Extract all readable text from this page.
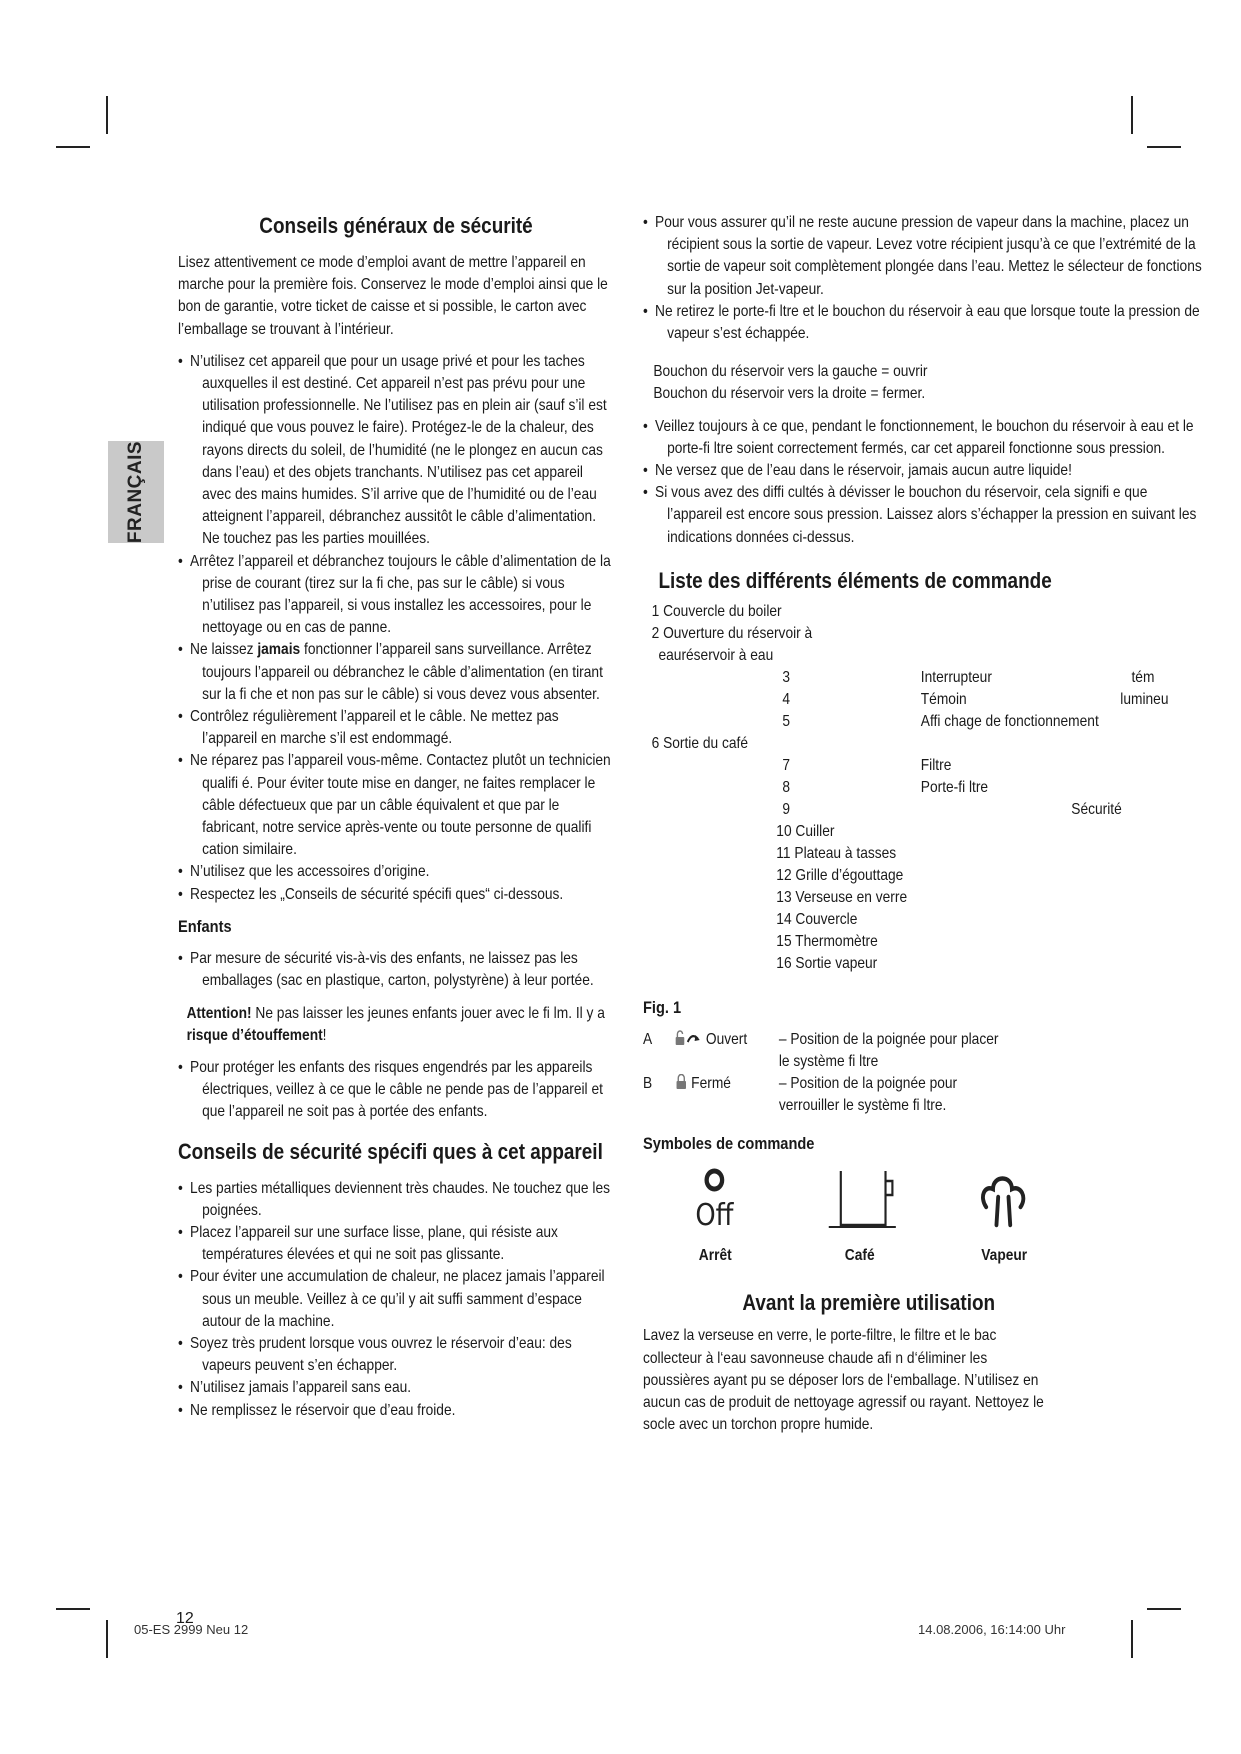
FRANÇAIS
Conseils généraux de sécurité

Lisez attentivement ce mode d’emploi avant de mettre l’appareil en marche pour la première fois. Conservez le mode d’emploi ainsi que le bon de garantie, votre ticket de caisse et si possible, le carton avec l’emballage se trouvant à l’intérieur.

• N’utilisez cet appareil que pour un usage privé et pour les taches auxquelles il est destiné. Cet appareil n’est pas prévu pour une utilisation professionnelle. Ne l’utilisez pas en plein air (sauf s’il est indiqué que vous pouvez le faire). Protégez-le de la chaleur, des rayons directs du soleil, de l’humidité (ne le plongez en aucun cas dans l’eau) et des objets tranchants. N’utilisez pas cet appareil avec des mains humides. S’il arrive que de l’humidité ou de l’eau atteignent l’appareil, débranchez aussitôt le câble d’alimentation. Ne touchez pas les parties mouillées.
• Arrêtez l’appareil et débranchez toujours le câble d’alimentation de la prise de courant (tirez sur la fi che, pas sur le câble) si vous n’utilisez pas l’appareil, si vous installez les accessoires, pour le nettoyage ou en cas de panne.
• Ne laissez jamais fonctionner l’appareil sans surveillance. Arrêtez toujours l’appareil ou débranchez le câble d’alimentation (en tirant sur la fi che et non pas sur le câble) si vous devez vous absenter.
• Contrôlez régulièrement l’appareil et le câble. Ne mettez pas l’appareil en marche s’il est endommagé.
• Ne réparez pas l’appareil vous-même. Contactez plutôt un technicien qualifi é. Pour éviter toute mise en danger, ne faites remplacer le câble défectueux que par un câble équivalent et que par le fabricant, notre service après-vente ou toute personne de qualifi cation similaire.
• N’utilisez que les accessoires d’origine.
• Respectez les „Conseils de sécurité spécifi ques“ ci-dessous.
Enfants
• Par mesure de sécurité vis-à-vis des enfants, ne laissez pas les emballages (sac en plastique, carton, polystyrène) à leur portée.

Attention! Ne pas laisser les jeunes enfants jouer avec le fi lm. Il y a risque d’étouffement!

• Pour protéger les enfants des risques engendrés par les appareils électriques, veillez à ce que le câble ne pende pas de l’appareil et que l’appareil ne soit pas à portée des enfants.
Conseils de sécurité spécifi ques à cet appareil
• Les parties métalliques deviennent très chaudes. Ne touchez que les poignées.
• Placez l’appareil sur une surface lisse, plane, qui résiste aux températures élevées et qui ne soit pas glissante.
• Pour éviter une accumulation de chaleur, ne placez jamais l’appareil sous un meuble. Veillez à ce qu’il y ait suffi samment d’espace autour de la machine.
• Soyez très prudent lorsque vous ouvrez le réservoir d’eau: des vapeurs peuvent s’en échapper.
• N’utilisez jamais l’appareil sans eau.
• Ne remplissez le réservoir que d’eau froide.
• Pour vous assurer qu’il ne reste aucune pression de vapeur dans la machine, placez un récipient sous la sortie de vapeur. Levez votre récipient jusqu’à ce que l’extrémité de la sortie de vapeur soit complètement plongée dans l’eau. Mettez le sélecteur de fonctions sur la position Jet-vapeur.
• Ne retirez le porte-fi ltre et le bouchon du réservoir à eau que lorsque toute la pression de vapeur s’est échappée.

Bouchon du réservoir vers la gauche = ouvrir
Bouchon du réservoir vers la droite = fermer.

• Veillez toujours à ce que, pendant le fonctionnement, le bouchon du réservoir à eau et le porte-fi ltre soient correctement fermés, car cet appareil fonctionne sous pression.
• Ne versez que de l’eau dans le réservoir, jamais aucun autre liquide!
• Si vous avez des diffi cultés à dévisser le bouchon du réservoir, cela signifi e que l’appareil est encore sous pression. Laissez alors s’échapper la pression en suivant les indications données ci-dessus.
Liste des différents éléments de commande
1 Couvercle du boiler
2 Ouverture du réservoir à
eauréservoir à eau
3	Interrupteur	tém
4	Témoin	luminеu
5	Affi chage de fonctionnement
6 Sortie du café
7	Filtre
8	Porte-fi ltre
9	Sécurité
10 Cuiller
11 Plateau à tasses
12 Grille d’égouttage
13 Verseuse en verre
14 Couvercle
15 Thermomètre
16 Sortie vapeur
Fig. 1
A	Ouvert – Position de la poignée pour placer le système fi ltre
B Fermé	– Position de la poignée pour verrouiller le système fi ltre.
Symboles de commande
Off
Arrêt	Café	Vapeur
Avant la première utilisation

Lavez la verseuse en verre, le porte-filtre, le filtre et le bac collecteur à l‘eau savonneuse chaude afi n d‘éliminer les poussières ayant pu se déposer lors de l‘emballage. N’utilisez en aucun cas de produit de nettoyage agressif ou rayant. Nettoyez le socle avec un torchon propre humide.

12
05-ES 2999 Neu 12	14.08.2006, 16:14:00 Uhr
